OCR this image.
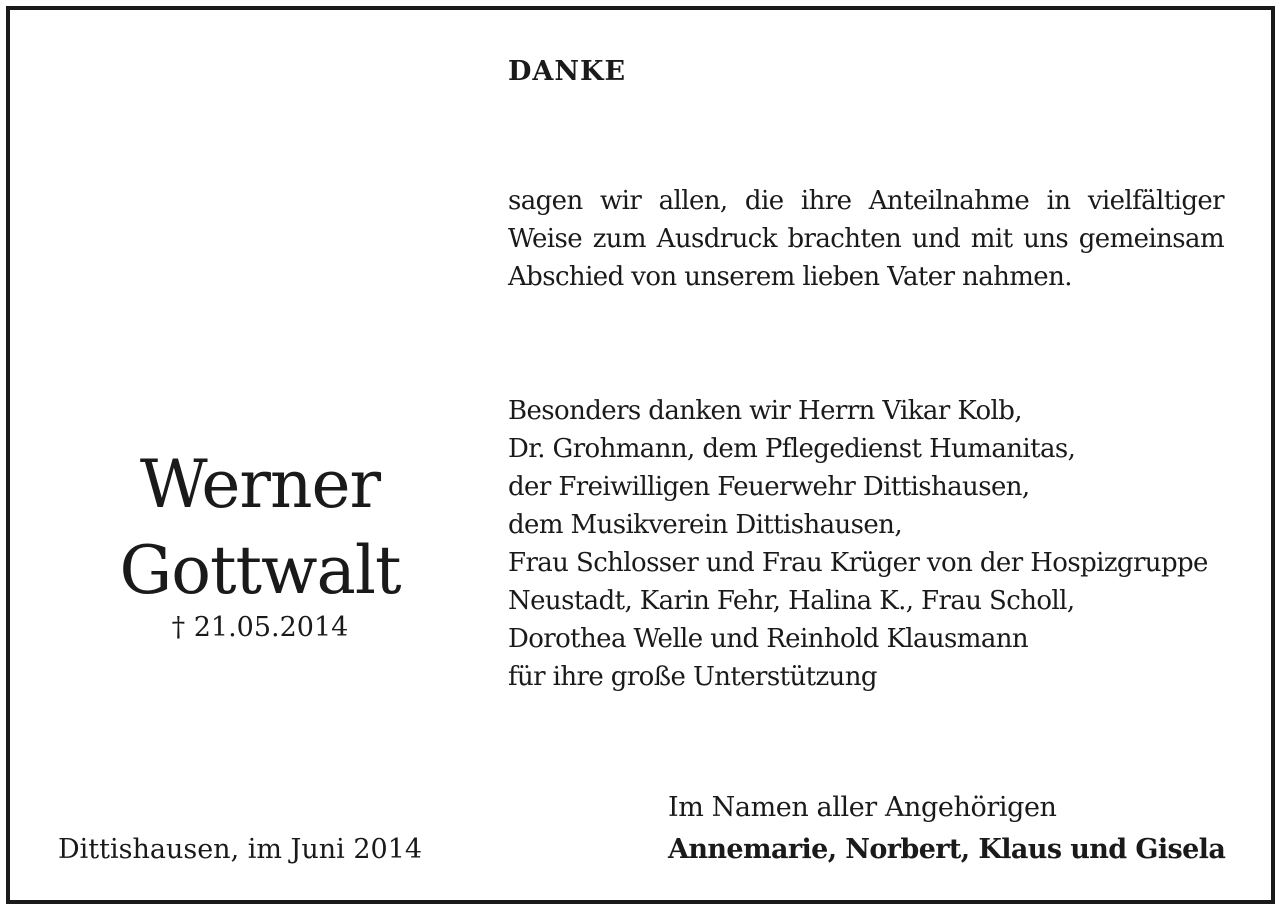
Werner
Gottwalt
† 21.05.2014
Dittishausen, im Juni 2014
DANKE
sagen wir allen, die ihre Anteilnahme in vielfältiger
Weise zum Ausdruck brachten und mit uns gemeinsam
Abschied von unserem lieben Vater nahmen.
Besonders danken wir Herrn Vikar Kolb,
Dr. Grohmann, dem Pflegedienst Humanitas,
der Freiwilligen Feuerwehr Dittishausen,
dem Musikverein Dittishausen,
Frau Schlosser und Frau Krüger von der Hospizgruppe
Neustadt, Karin Fehr, Halina K., Frau Scholl,
Dorothea Welle und Reinhold Klausmann
für ihre große Unterstützung
Im Namen aller Angehörigen
Annemarie, Norbert, Klaus und Gisela
